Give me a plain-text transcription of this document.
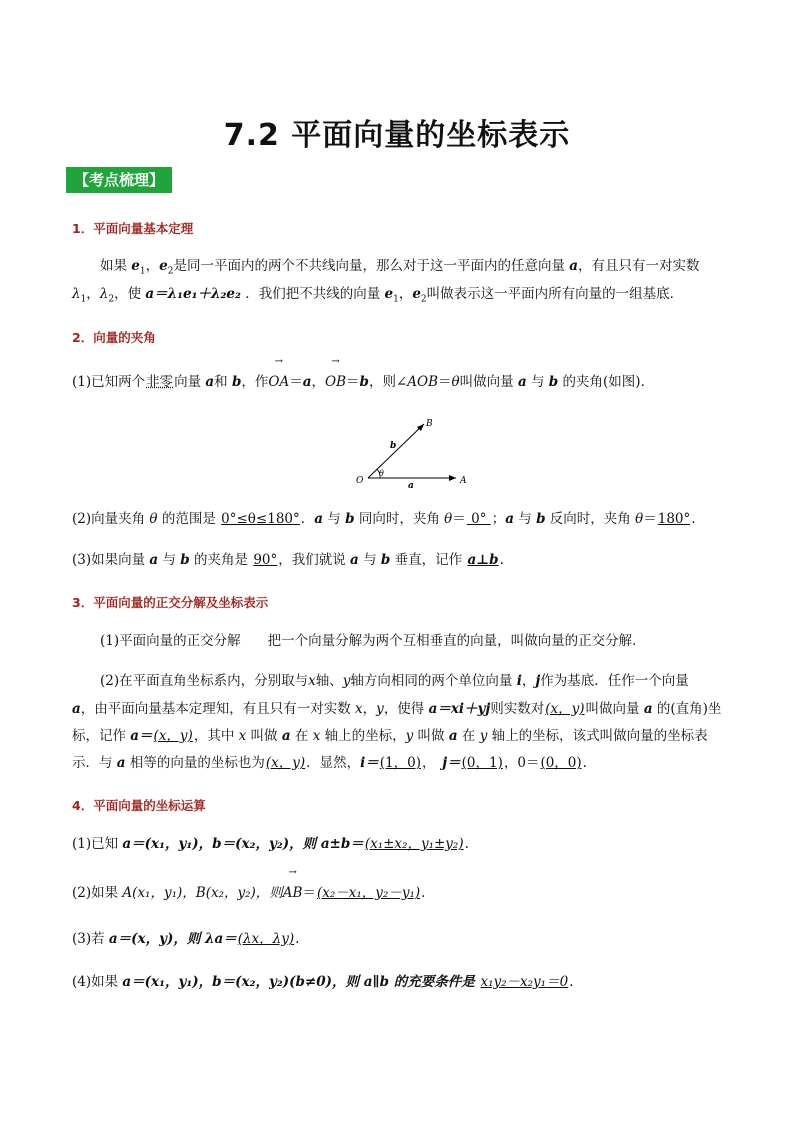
7.2 平面向量的坐标表示
【考点梳理】
1．平面向量基本定理
如果 $e_1$，$e_2$是同一平面内的两个不共线向量，那么对于这一平面内的任意向量 a，有且只有一对实数
$\lambda_1$，$\lambda_2$，使 a＝λ₁e₁＋λ₂e₂ ．我们把不共线的向量 $e_1$，$e_2$叫做表示这一平面内所有向量的一组基底．
2．向量的夹角
(1)已知两个非零向量 a和 b，作→ OA＝a，→ OB＝b，则∠AOB＝θ叫做向量 a 与 b 的夹角(如图)．
O	A
B
a
b
θ
(2)向量夹角 θ 的范围是 0°≤θ≤180°．a 与 b 同向时，夹角 θ＝ 0° ；a 与 b 反向时，夹角 θ＝180°.
(3)如果向量 a 与 b 的夹角是 90°，我们就说 a 与 b 垂直，记作 a⊥b.
3．平面向量的正交分解及坐标表示
(1)平面向量的正交分解　　 把一个向量分解为两个互相垂直的向量，叫做向量的正交分解．
(2)在平面直角坐标系内，分别取与x轴、y轴方向相同的两个单位向量 i，j作为基底．任作一个向量
a，由平面向量基本定理知，有且只有一对实数 x，y，使得 a＝xi＋yj则实数对(x，y)叫做向量 a 的(直角)坐
标，记作 a＝(x，y)，其中 x 叫做 a 在 x 轴上的坐标，y 叫做 a 在 y 轴上的坐标，该式叫做向量的坐标表
示．与 a 相等的向量的坐标也为(x，y)．显然，i＝(1，0)，　j＝(0，1)，0＝(0，0).
4．平面向量的坐标运算
(1)已知 a＝(x₁，y₁)，b＝(x₂，y₂)，则 a±b＝(x₁±x₂，y₁±y₂).
(2)如果 A(x₁，y₁)，B(x₂，y₂)，则→ AB＝(x₂－x₁，y₂－y₁).
(3)若 a＝(x，y)，则 λa＝(λx，λy).
(4)如果 a＝(x₁，y₁)，b＝(x₂，y₂)(b≠0)，则 a∥b 的充要条件是 x₁y₂－x₂y₁＝0.
